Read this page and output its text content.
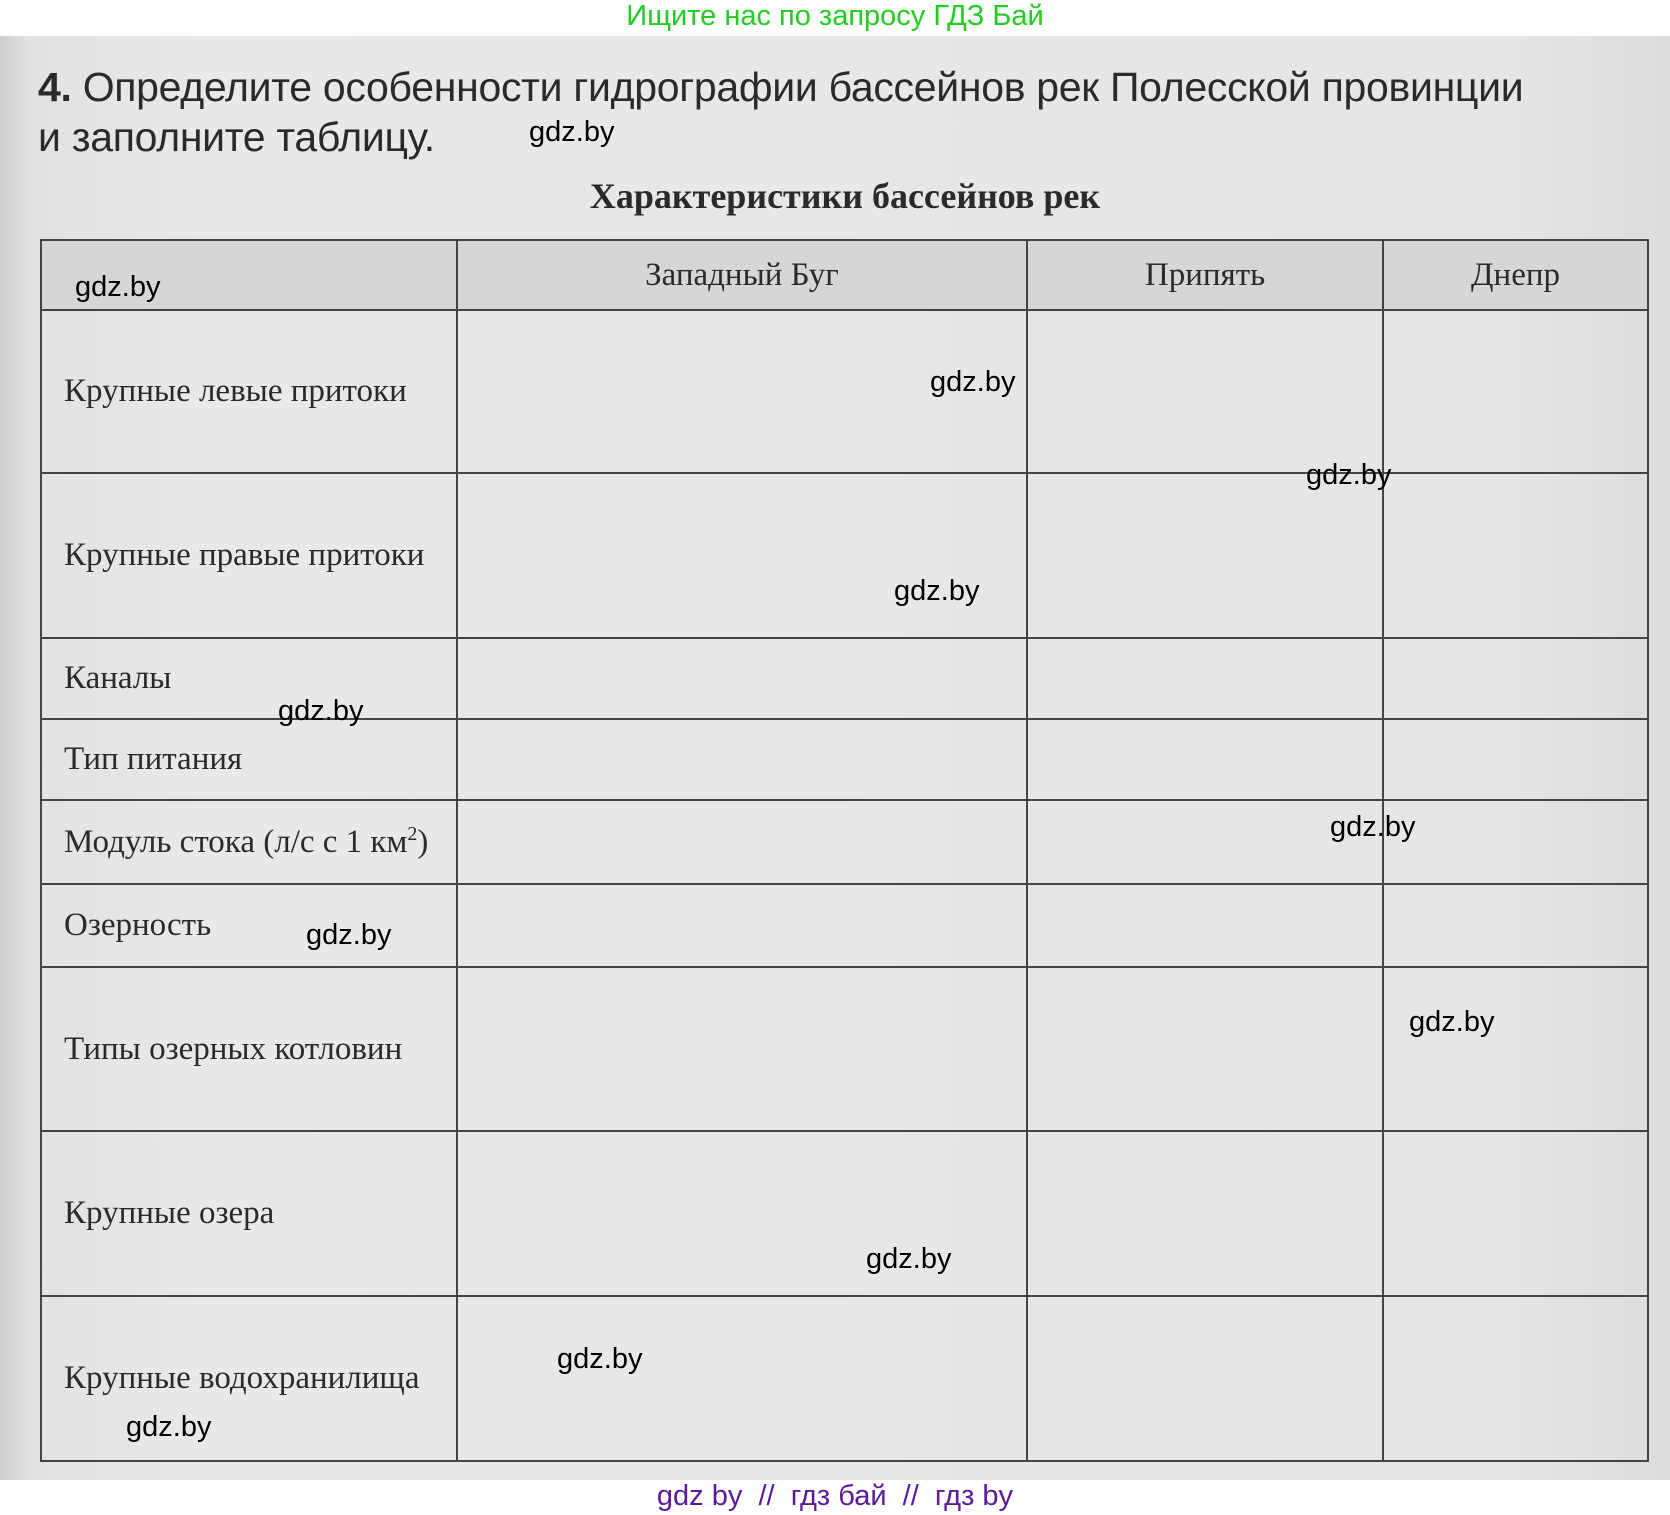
Ищите нас по запросу ГДЗ Бай
4. Определите особенности гидрографии бассейнов рек Полесской провинции
и заполните таблицу.
Характеристики бассейнов рек
	Западный Буг	Припять	Днепр
Крупные левые притоки			
Крупные правые притоки			
Каналы			
Тип питания			
Модуль стока (л/с с 1 $км^2$)			
Озерность			
Типы озерных котловин			
Крупные озера			
Крупные водохранилища			
gdz.by
gdz.by
gdz.by
gdz.by
gdz.by
gdz.by
gdz.by
gdz.by
gdz.by
gdz.by
gdz.by
gdz.by
gdz by  //  гдз бай  //  гдз by
